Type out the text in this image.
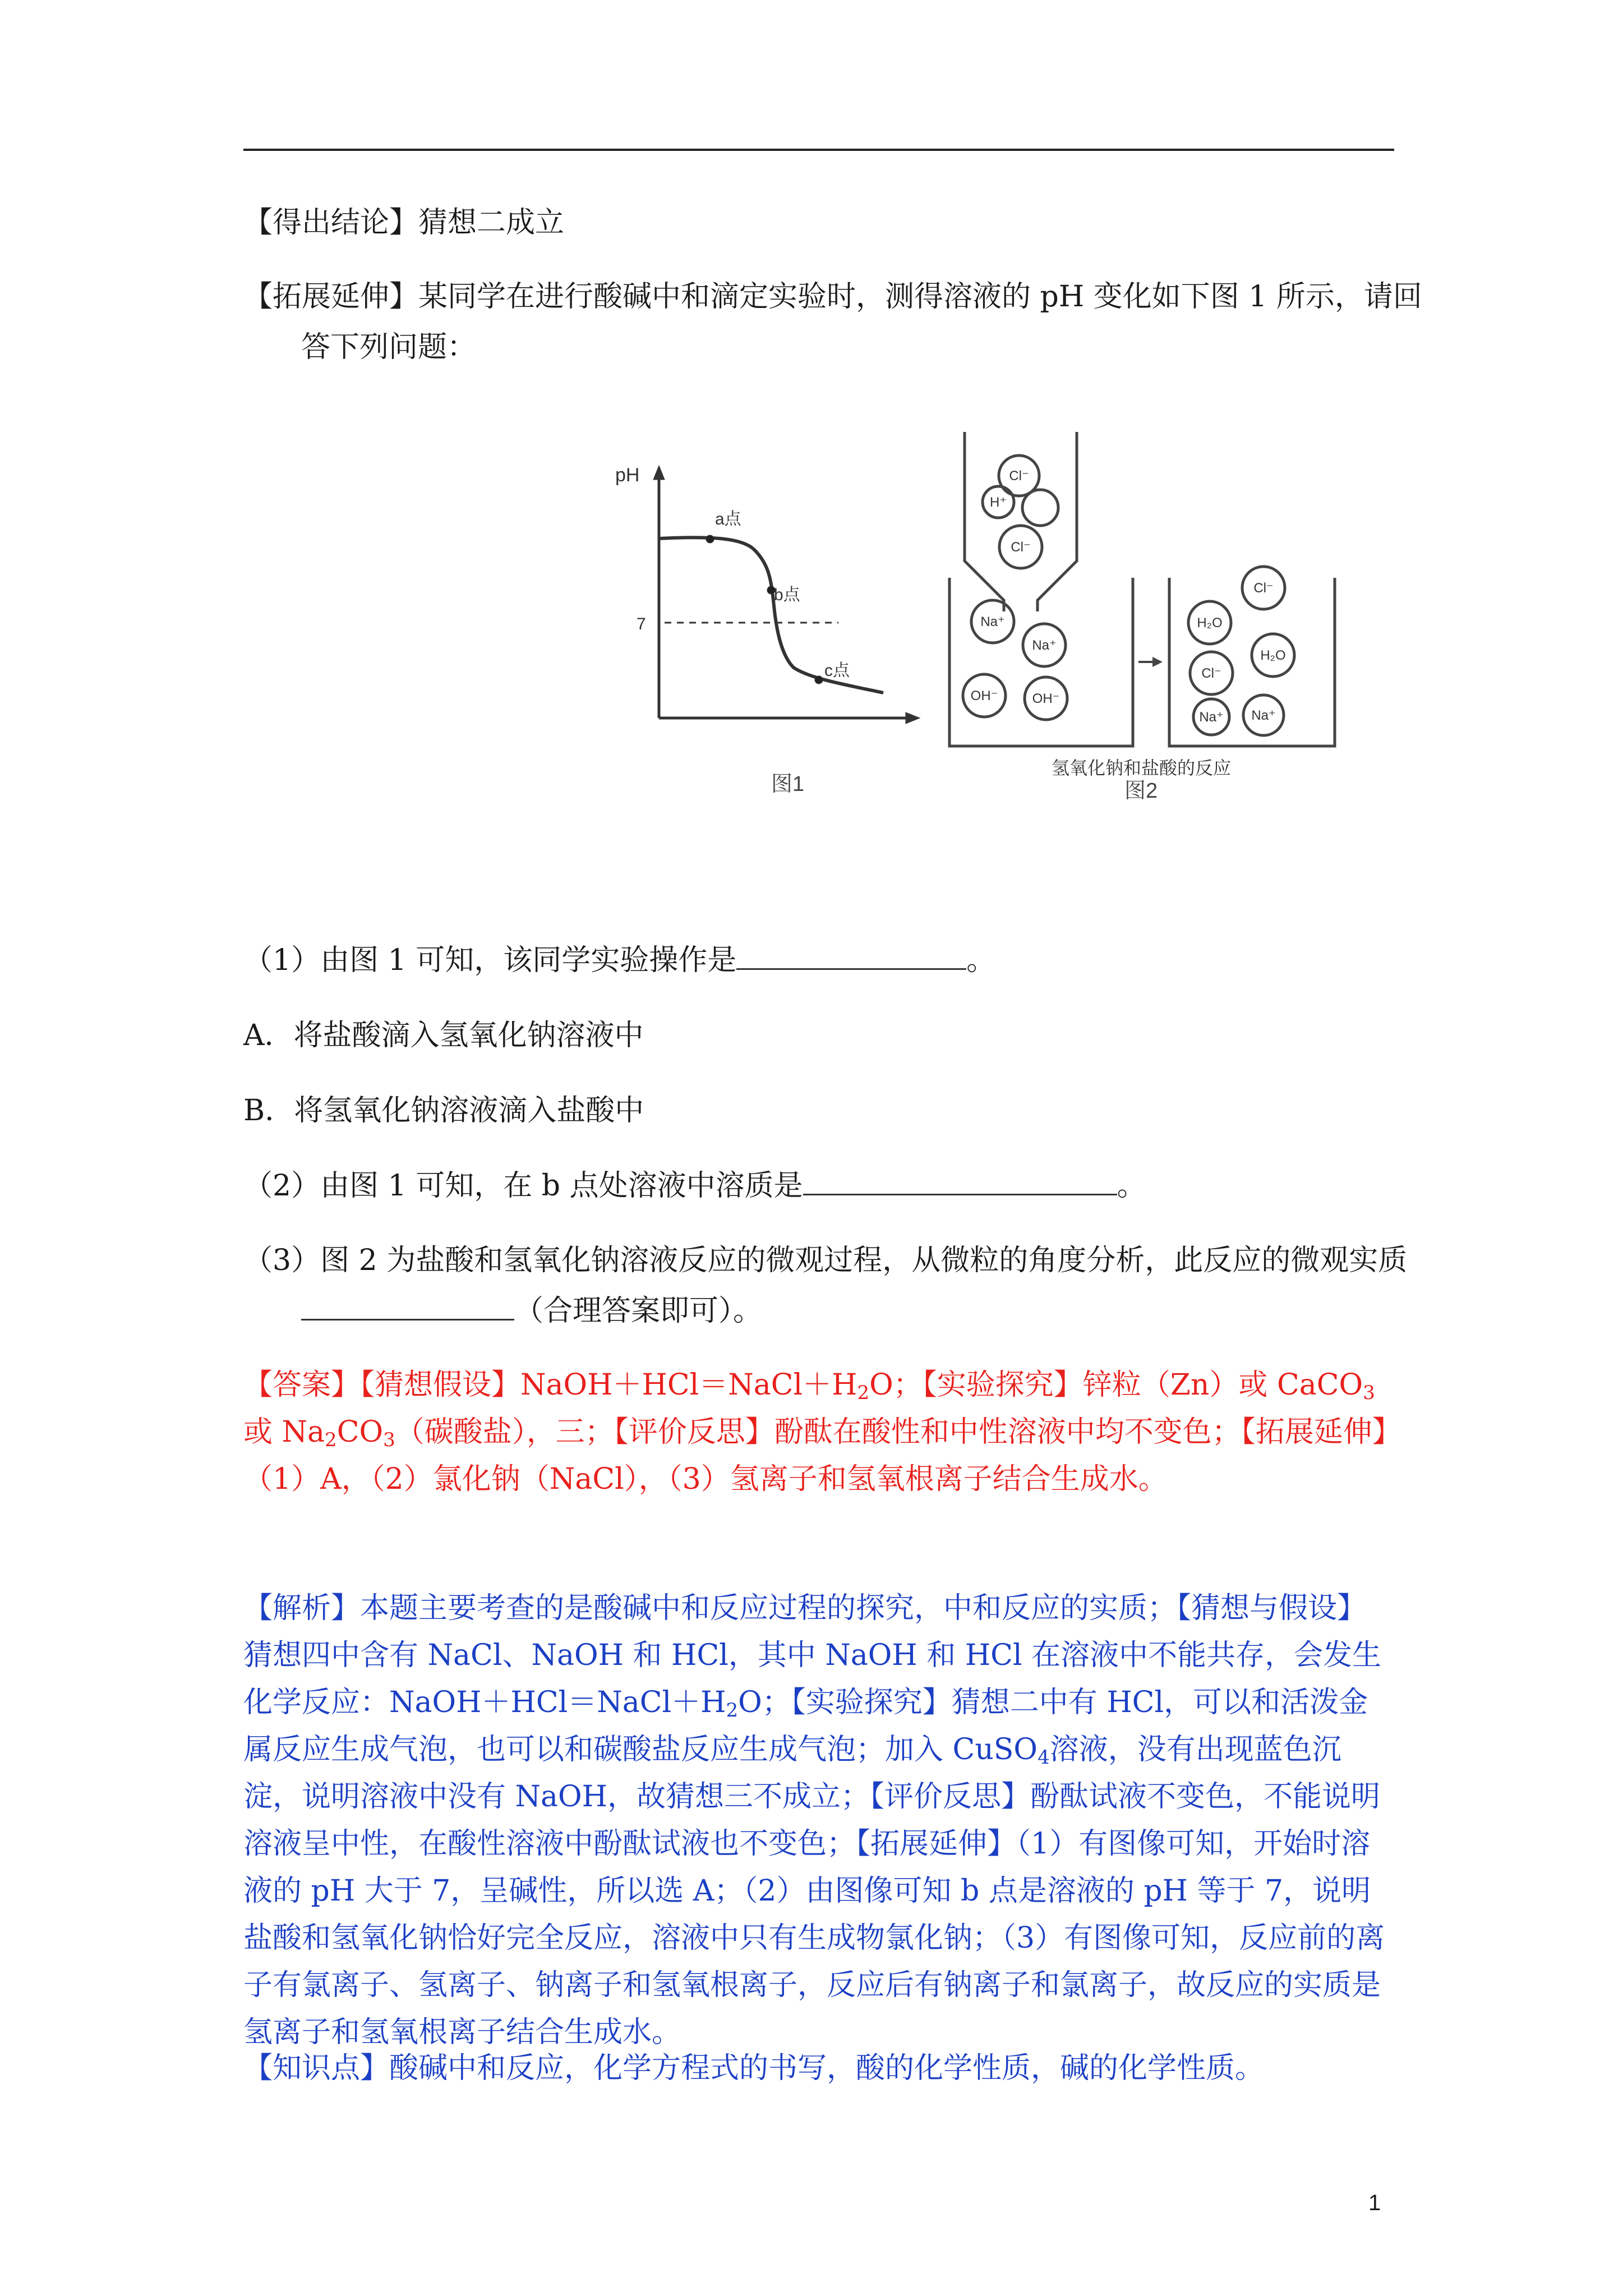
【得出结论】猜想二成立

【拓展延伸】某同学在进行酸碱中和滴定实验时，测得溶液的 pH 变化如下图 1 所示，请回

答下列问题：

pH
a点
b点
c点
7
图1
Cl⁻
H⁺
Cl⁻
Na⁺
Na⁺
OH⁻	OH⁻
H₂O
Cl⁻
Cl⁻
H₂O
Na⁺ Na⁺
氢氧化钠和盐酸的反应
图2

（1）由图 1 可知，该同学实验操作是	。

A．将盐酸滴入氢氧化钠溶液中

B．将氢氧化钠溶液滴入盐酸中

（2）由图 1 可知，在 b 点处溶液中溶质是	。

（3）图 2 为盐酸和氢氧化钠溶液反应的微观过程，从微粒的角度分析，此反应的微观实质

（合理答案即可）。

【答案】【猜想假设】$NaOH+HCl=NaCl+H_2O$；【实验探究】锌粒（Zn）或 CaCO$_3$ 或 $Na_2CO_3$（碳酸盐），三；【评价反思】酚酞在酸性和中性溶液中均不变色；【拓展延伸】（1）A，（2）氯化钠（NaCl），（3）氢离子和氢氧根离子结合生成水。

【解析】本题主要考查的是酸碱中和反应过程的探究，中和反应的实质；【猜想与假设】猜想四中含有 NaCl、NaOH 和 HCl，其中 NaOH 和 HCl 在溶液中不能共存，会发生化学反应：$NaOH+HCl=NaCl+H_2O$；【实验探究】猜想二中有 HCl，可以和活泼金属反应生成气泡，也可以和碳酸盐反应生成气泡；加入 CuSO$_4$溶液，没有出现蓝色沉淀，说明溶液中没有 NaOH，故猜想三不成立；【评价反思】酚酞试液不变色，不能说明溶液呈中性，在酸性溶液中酚酞试液也不变色；【拓展延伸】（1）有图像可知，开始时溶液的 pH 大于 7，呈碱性，所以选 A；（2）由图像可知 b 点是溶液的 pH 等于 7，说明盐酸和氢氧化钠恰好完全反应，溶液中只有生成物氯化钠；（3）有图像可知，反应前的离子有氯离子、氢离子、钠离子和氢氧根离子，反应后有钠离子和氯离子，故反应的实质是氢离子和氢氧根离子结合生成水。

【知识点】酸碱中和反应，化学方程式的书写，酸的化学性质，碱的化学性质。

1
